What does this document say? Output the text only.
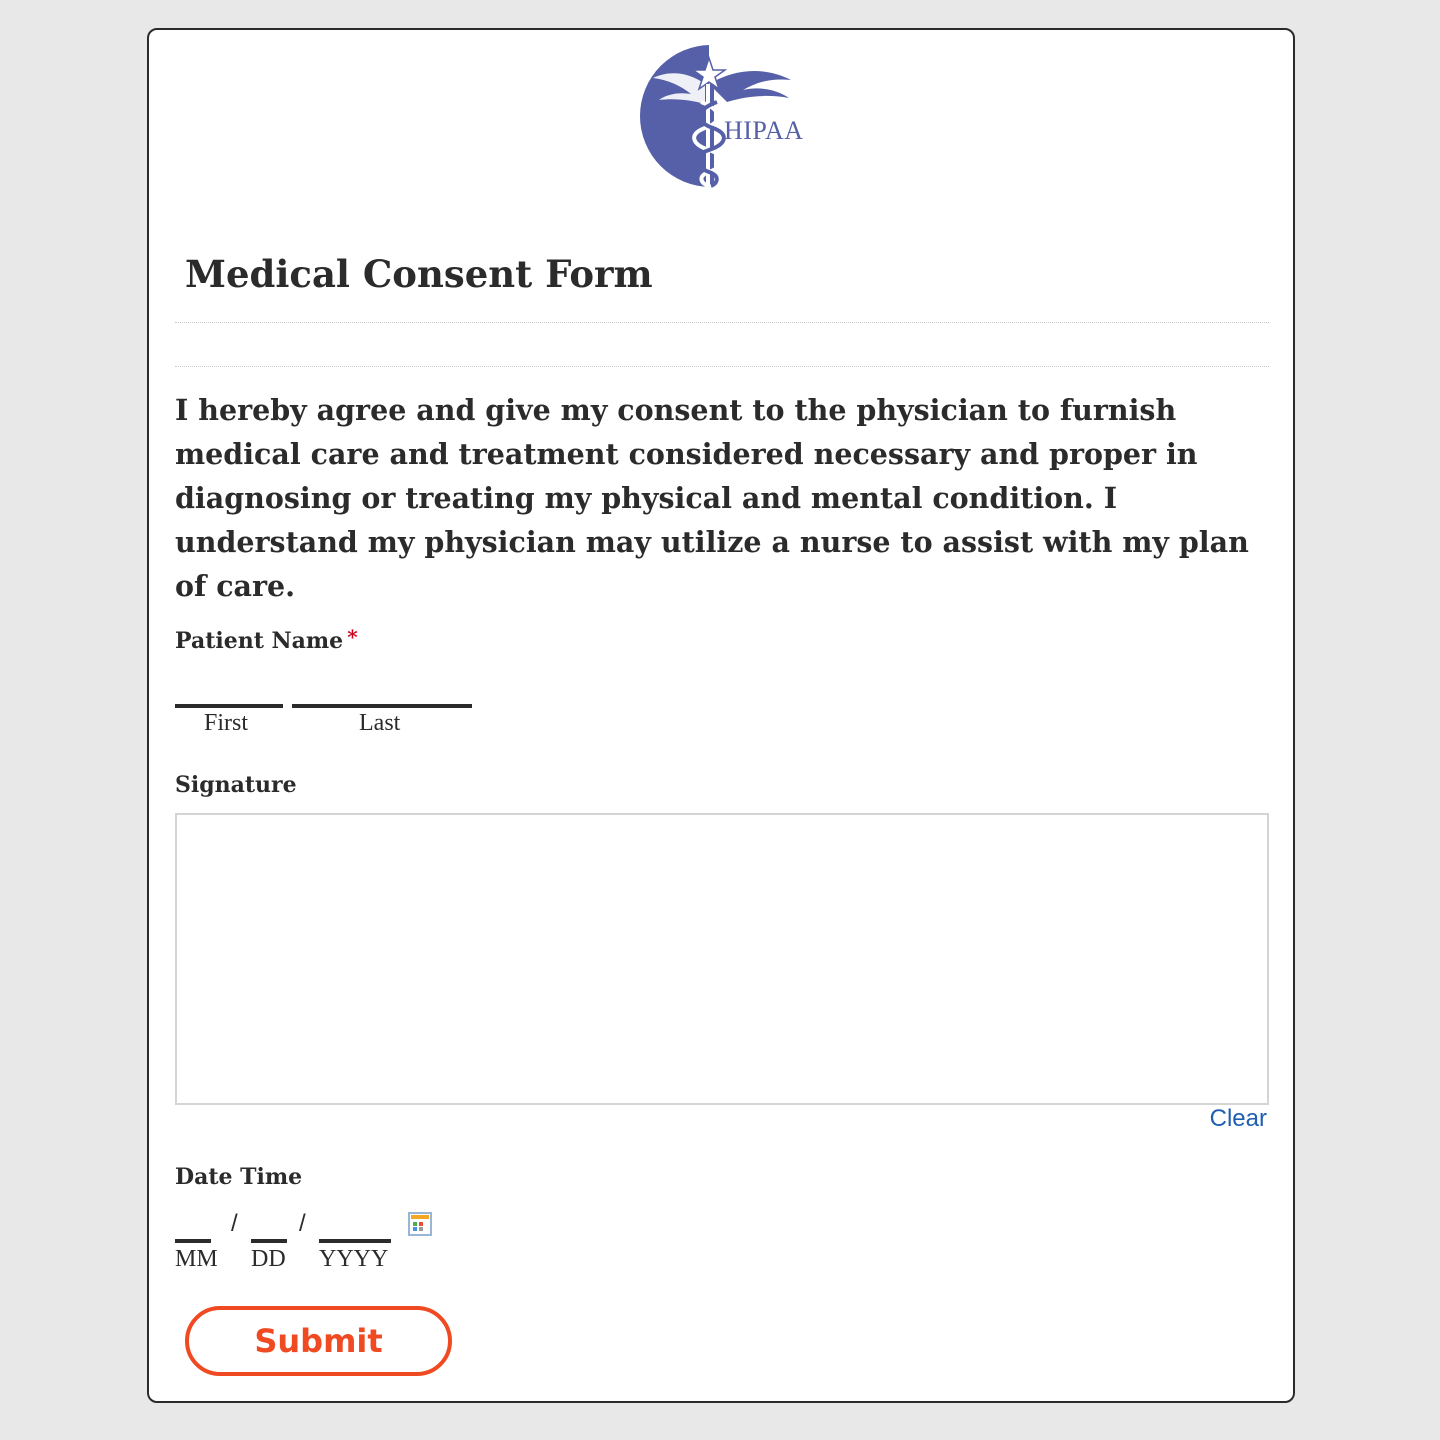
HIPAA
Medical Consent Form

I hereby agree and give my consent to the physician to furnish medical care and treatment considered necessary and proper in diagnosing or treating my physical and mental condition. I understand my physician may utilize a nurse to assist with my plan of care.

Patient Name *
First	Last
Signature
Clear
Date Time
/	/
MM DD YYYY
Submit
